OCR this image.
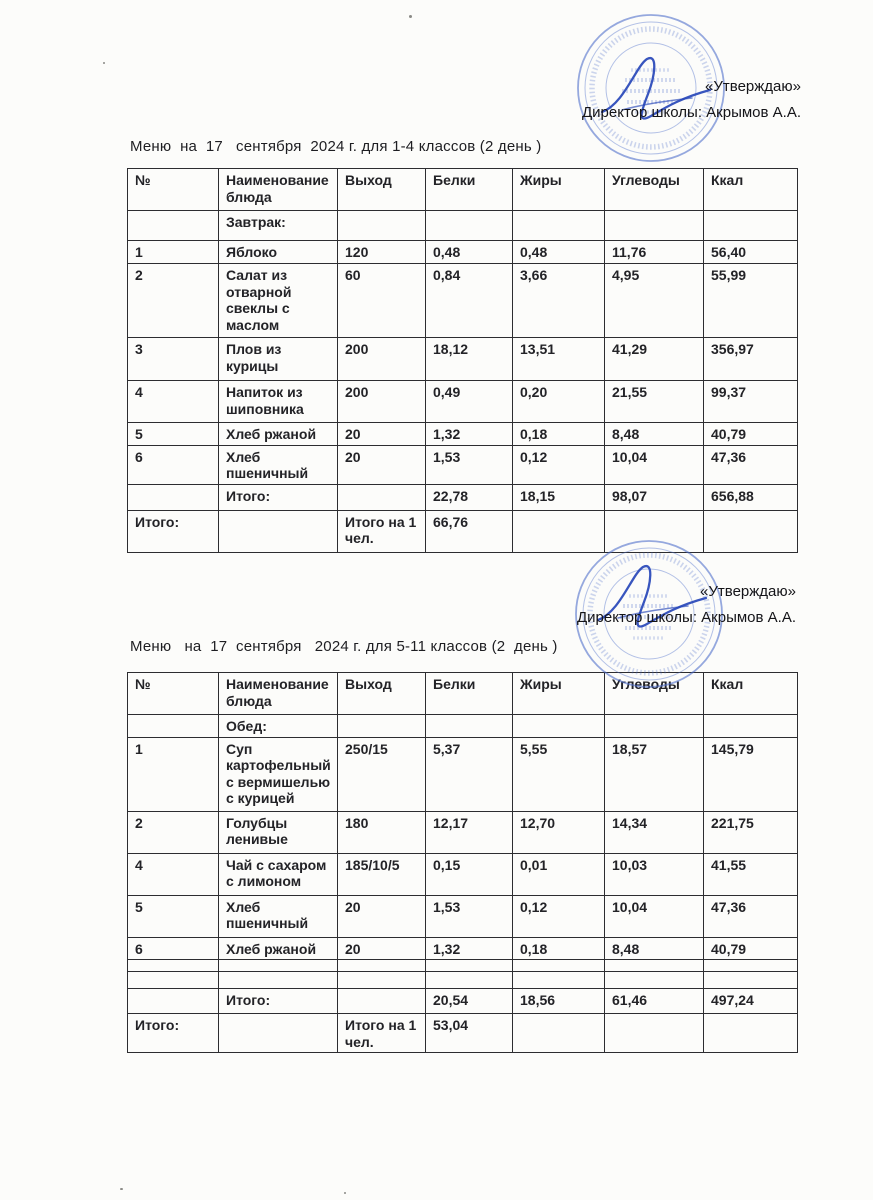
«Утверждаю»
Директор школы: Акрымов А.А.
Меню  на  17   сентября  2024 г. для 1-4 классов (2 день )
№	Наименование блюда	Выход	Белки	Жиры	Углеводы	Ккал
	Завтрак:					
1	Яблоко	120	0,48	0,48	11,76	56,40
2	Салат из отварной свеклы с маслом	60	0,84	3,66	4,95	55,99
3	Плов из курицы	200	18,12	13,51	41,29	356,97
4	Напиток из шиповника	200	0,49	0,20	21,55	99,37
5	Хлеб ржаной	20	1,32	0,18	8,48	40,79
6	Хлеб пшеничный	20	1,53	0,12	10,04	47,36
	Итого:		22,78	18,15	98,07	656,88
Итого:		Итого на 1 чел.	66,76			
«Утверждаю»
Директор школы: Акрымов А.А.
Меню   на  17  сентября   2024 г. для 5-11 классов (2  день )
№	Наименование блюда	Выход	Белки	Жиры	Углеводы	Ккал
	Обед:					
1	Суп картофельный с вермишелью с курицей	250/15	5,37	5,55	18,57	145,79
2	Голубцы ленивые	180	12,17	12,70	14,34	221,75
4	Чай с сахаром с лимоном	185/10/5	0,15	0,01	10,03	41,55
5	Хлеб пшеничный	20	1,53	0,12	10,04	47,36
6	Хлеб ржаной	20	1,32	0,18	8,48	40,79

	Итого:		20,54	18,56	61,46	497,24
Итого:		Итого на 1 чел.	53,04			
